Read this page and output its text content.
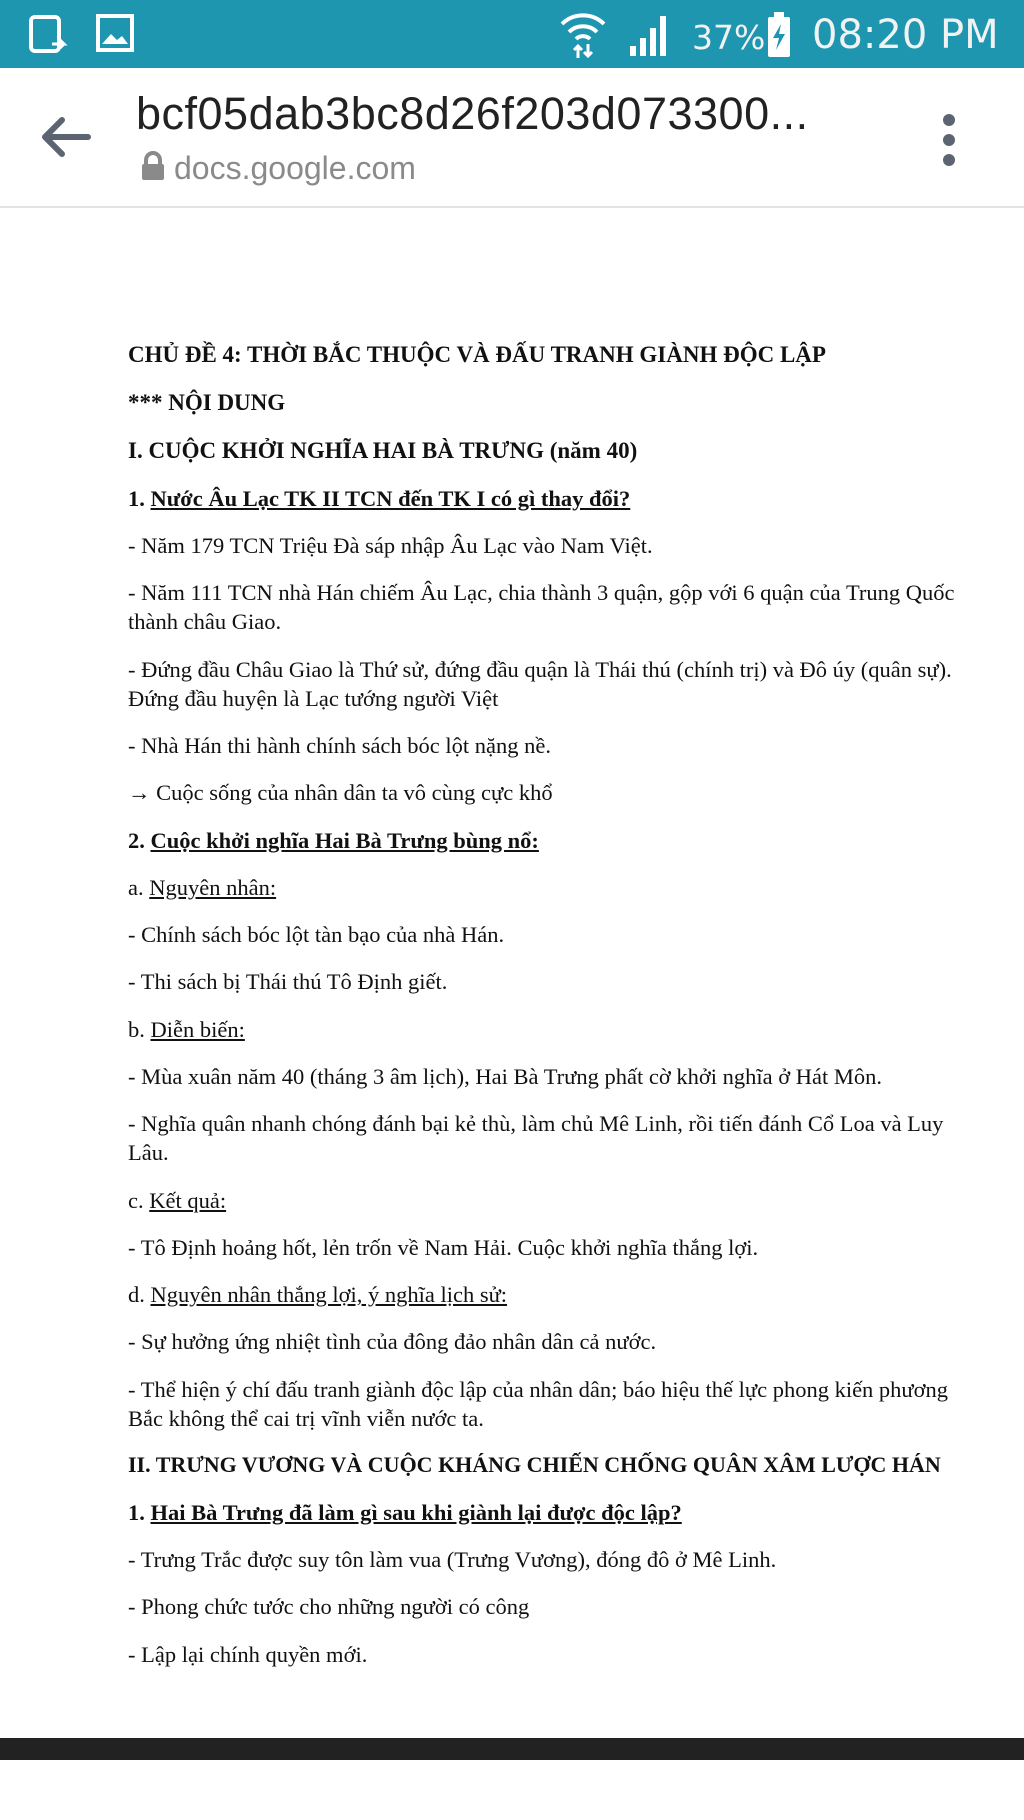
37% 08:20 PM
bcf05dab3bc8d26f203d073300...
docs.google.com

CHỦ ĐỀ 4: THỜI BẮC THUỘC VÀ ĐẤU TRANH GIÀNH ĐỘC LẬP

*** NỘI DUNG

I. CUỘC KHỞI NGHĨA HAI BÀ TRƯNG (năm 40)

1. Nước Âu Lạc TK II TCN đến TK I có gì thay đổi?

- Năm 179 TCN Triệu Đà sáp nhập Âu Lạc vào Nam Việt.

- Năm 111 TCN nhà Hán chiếm Âu Lạc, chia thành 3 quận, gộp với 6 quận của Trung Quốc thành châu Giao.

- Đứng đầu Châu Giao là Thứ sử, đứng đầu quận là Thái thú (chính trị) và Đô úy (quân sự). Đứng đầu huyện là Lạc tướng người Việt

- Nhà Hán thi hành chính sách bóc lột nặng nề.

→ Cuộc sống của nhân dân ta vô cùng cực khổ

2. Cuộc khởi nghĩa Hai Bà Trưng bùng nổ:

a. Nguyên nhân:

- Chính sách bóc lột tàn bạo của nhà Hán.

- Thi sách bị Thái thú Tô Định giết.

b. Diễn biến:

- Mùa xuân năm 40 (tháng 3 âm lịch), Hai Bà Trưng phất cờ khởi nghĩa ở Hát Môn.

- Nghĩa quân nhanh chóng đánh bại kẻ thù, làm chủ Mê Linh, rồi tiến đánh Cổ Loa và Luy Lâu.

c. Kết quả:

- Tô Định hoảng hốt, lẻn trốn về Nam Hải. Cuộc khởi nghĩa thắng lợi.

d. Nguyên nhân thắng lợi, ý nghĩa lịch sử:

- Sự hưởng ứng nhiệt tình của đông đảo nhân dân cả nước.

- Thể hiện ý chí đấu tranh giành độc lập của nhân dân; báo hiệu thế lực phong kiến phương Bắc không thể cai trị vĩnh viễn nước ta.

II. TRƯNG VƯƠNG VÀ CUỘC KHÁNG CHIẾN CHỐNG QUÂN XÂM LƯỢC HÁN

1. Hai Bà Trưng đã làm gì sau khi giành lại được độc lập?

- Trưng Trắc được suy tôn làm vua (Trưng Vương), đóng đô ở Mê Linh.

- Phong chức tước cho những người có công

- Lập lại chính quyền mới.
